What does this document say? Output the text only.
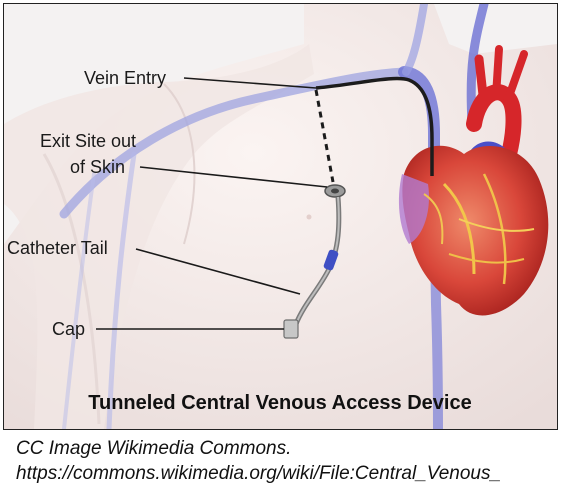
Vein Entry
Exit Site out
of Skin
Catheter Tail
Cap
Tunneled Central Venous Access Device
CC Image Wikimedia Commons.
https://commons.wikimedia.org/wiki/File:Central_Venous_
